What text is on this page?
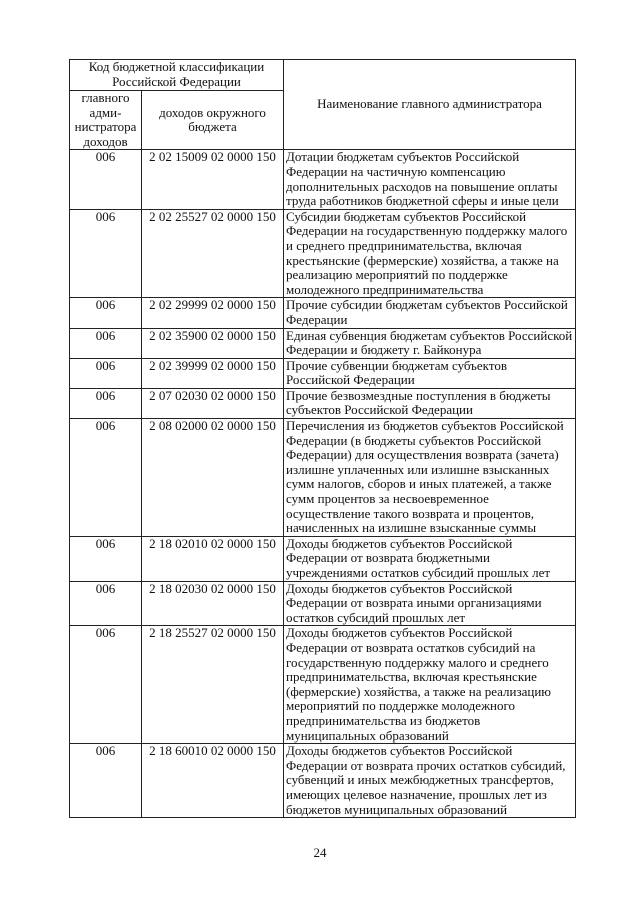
Код бюджетной классификации Российской Федерации		Наименование главного администратора
главного адми-нистратора доходов	доходов окружного бюджета	
006	2 02 15009 02 0000 150	Дотации бюджетам субъектов Российской Федерации на частичную компенсацию дополнительных расходов на повышение оплаты труда работников бюджетной сферы и иные цели
006	2 02 25527 02 0000 150	Субсидии бюджетам субъектов Российской Федерации на государственную поддержку малого и среднего предпринимательства, включая крестьянские (фермерские) хозяйства, а также на реализацию мероприятий по поддержке молодежного предпринимательства
006	2 02 29999 02 0000 150	Прочие субсидии бюджетам субъектов Российской Федерации
006	2 02 35900 02 0000 150	Единая субвенция бюджетам субъектов Российской Федерации и бюджету г. Байконура
006	2 02 39999 02 0000 150	Прочие субвенции бюджетам субъектов Российской Федерации
006	2 07 02030 02 0000 150	Прочие безвозмездные поступления в бюджеты субъектов Российской Федерации
006	2 08 02000 02 0000 150	Перечисления из бюджетов субъектов Российской Федерации (в бюджеты субъектов Российской Федерации) для осуществления возврата (зачета) излишне уплаченных или излишне взысканных сумм налогов, сборов и иных платежей, а также сумм процентов за несвоевременное осуществление такого возврата и процентов, начисленных на излишне взысканные суммы
006	2 18 02010 02 0000 150	Доходы бюджетов субъектов Российской Федерации от возврата бюджетными учреждениями остатков субсидий прошлых лет
006	2 18 02030 02 0000 150	Доходы бюджетов субъектов Российской Федерации от возврата иными организациями остатков субсидий прошлых лет
006	2 18 25527 02 0000 150	Доходы бюджетов субъектов Российской Федерации от возврата остатков субсидий на государственную поддержку малого и среднего предпринимательства, включая крестьянские (фермерские) хозяйства, а также на реализацию мероприятий по поддержке молодежного предпринимательства из бюджетов муниципальных образований
006	2 18 60010 02 0000 150	Доходы бюджетов субъектов Российской Федерации от возврата прочих остатков субсидий, субвенций и иных межбюджетных трансфертов, имеющих целевое назначение, прошлых лет из бюджетов муниципальных образований
24
